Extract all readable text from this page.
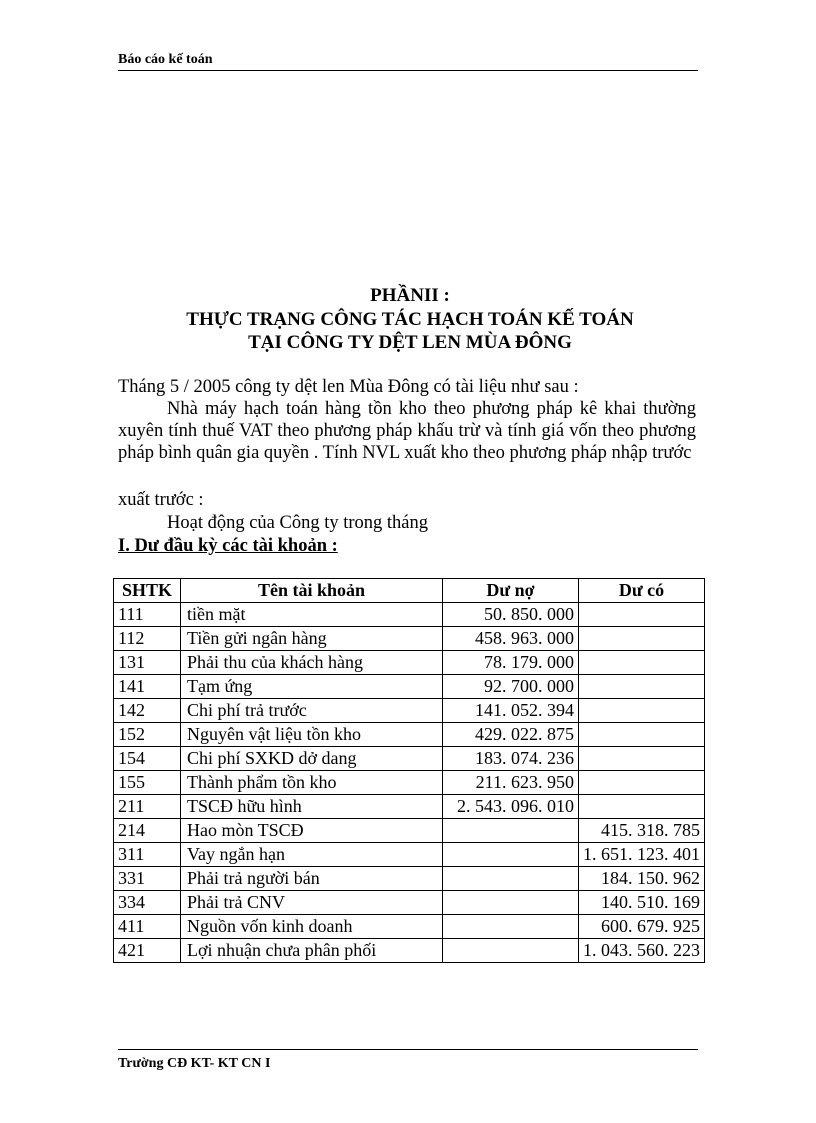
Báo cáo kế toán
PHẦNII :
THỰC TRẠNG CÔNG TÁC HẠCH TOÁN KẾ TOÁN
TẠI CÔNG TY DỆT LEN MÙA ĐÔNG
Tháng 5 / 2005 công ty dệt len Mùa Đông có tài liệu như sau :
Nhà máy hạch toán hàng tồn kho theo phương pháp kê khai thường xuyên tính thuế VAT theo phương pháp khấu trừ và tính giá vốn theo phương pháp bình quân gia quyền . Tính NVL xuất kho theo phương pháp nhập trước
xuất trước :
Hoạt động của Công ty trong tháng
I. Dư đầu kỳ các tài khoản :
SHTK	Tên tài khoản	Dư nợ	Dư có
111	tiền mặt	50. 850. 000	
112	Tiền gửi ngân hàng	458. 963. 000	
131	Phải thu của khách hàng	78. 179. 000	
141	Tạm ứng	92. 700. 000	
142	Chi phí trả trước	141. 052. 394	
152	Nguyên vật liệu tồn kho	429. 022. 875	
154	Chi phí SXKD dở dang	183. 074. 236	
155	Thành phẩm tồn kho	211. 623. 950	
211	TSCĐ hữu hình	2. 543. 096. 010	
214	Hao mòn TSCĐ		415. 318. 785
311	Vay ngắn hạn		1. 651. 123. 401
331	Phải trả người bán		184. 150. 962
334	Phải trả CNV		140. 510. 169
411	Nguồn vốn kinh doanh		600. 679. 925
421	Lợi nhuận chưa phân phối		1. 043. 560. 223
Trường CĐ KT- KT CN I
